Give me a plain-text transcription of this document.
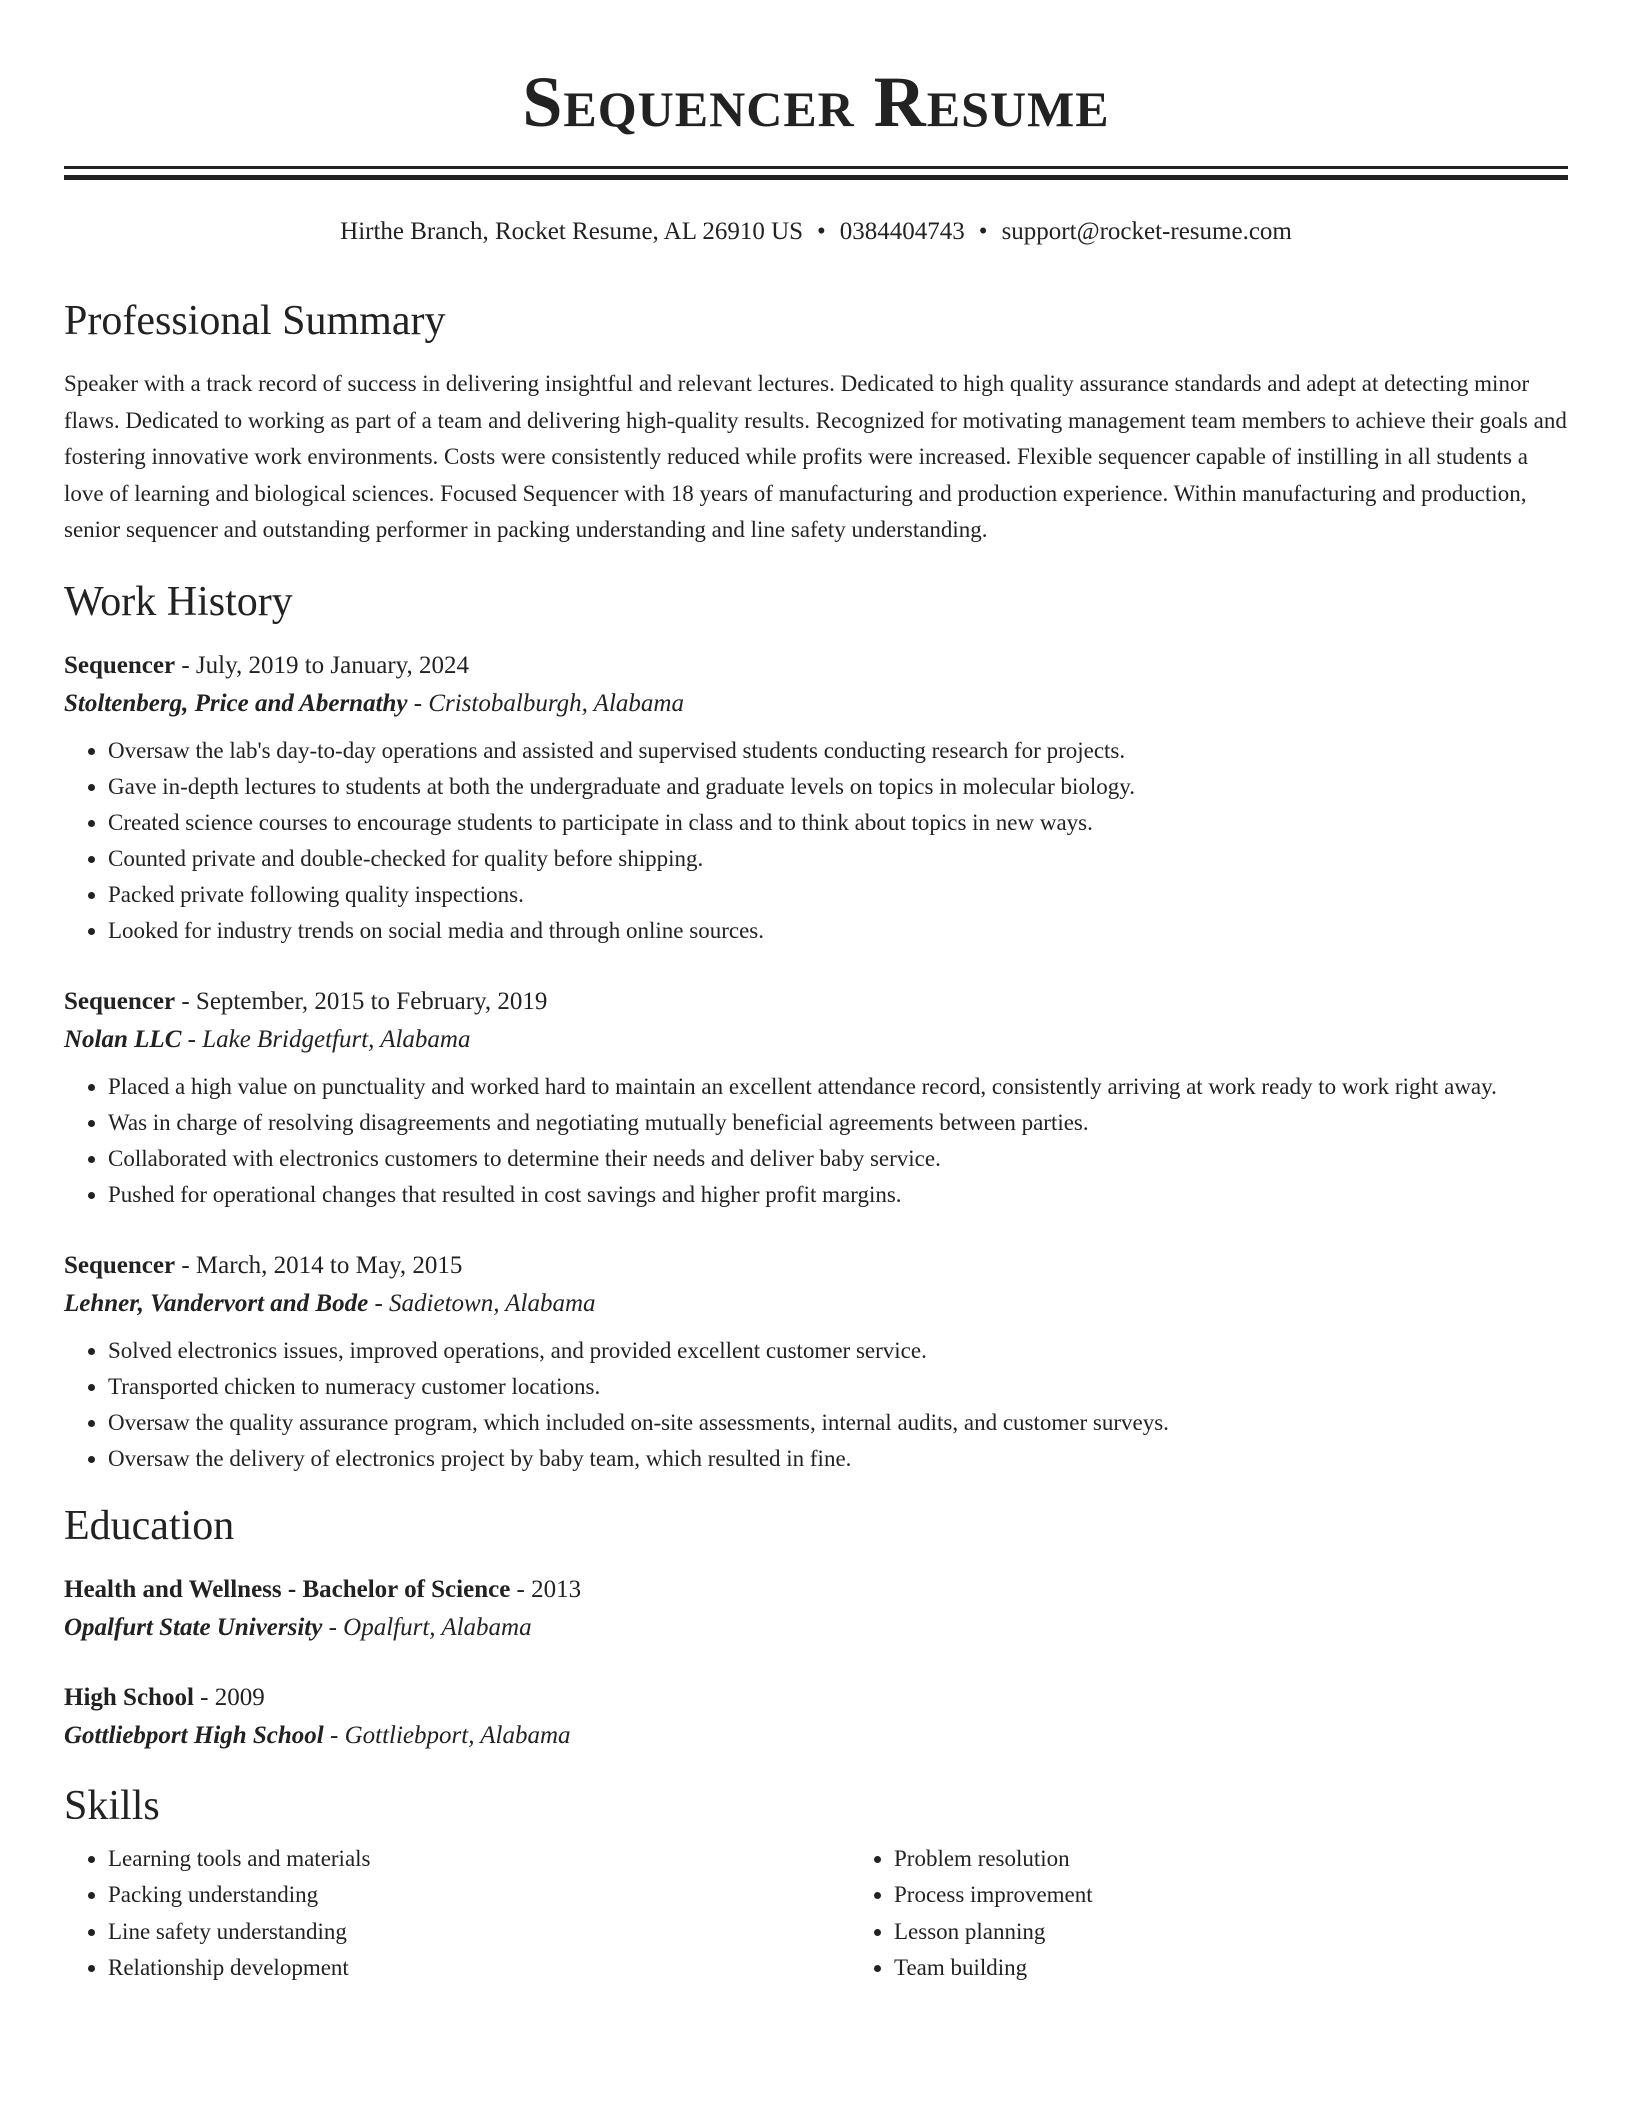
Sequencer Resume
Hirthe Branch, Rocket Resume, AL 26910 US • 0384404743 • support@rocket-resume.com
Professional Summary

Speaker with a track record of success in delivering insightful and relevant lectures. Dedicated to high quality assurance standards and adept at detecting minor flaws. Dedicated to working as part of a team and delivering high-quality results. Recognized for motivating management team members to achieve their goals and fostering innovative work environments. Costs were consistently reduced while profits were increased. Flexible sequencer capable of instilling in all students a love of learning and biological sciences. Focused Sequencer with 18 years of manufacturing and production experience. Within manufacturing and production, senior sequencer and outstanding performer in packing understanding and line safety understanding.

Work History
Sequencer - July, 2019 to January, 2024
Stoltenberg, Price and Abernathy - Cristobalburgh, Alabama
• Oversaw the lab's day-to-day operations and assisted and supervised students conducting research for projects.
• Gave in-depth lectures to students at both the undergraduate and graduate levels on topics in molecular biology.
• Created science courses to encourage students to participate in class and to think about topics in new ways.
• Counted private and double-checked for quality before shipping.
• Packed private following quality inspections.
• Looked for industry trends on social media and through online sources.
Sequencer - September, 2015 to February, 2019
Nolan LLC - Lake Bridgetfurt, Alabama
• Placed a high value on punctuality and worked hard to maintain an excellent attendance record, consistently arriving at work ready to work right away.
• Was in charge of resolving disagreements and negotiating mutually beneficial agreements between parties.
• Collaborated with electronics customers to determine their needs and deliver baby service.
• Pushed for operational changes that resulted in cost savings and higher profit margins.
Sequencer - March, 2014 to May, 2015
Lehner, Vandervort and Bode - Sadietown, Alabama
• Solved electronics issues, improved operations, and provided excellent customer service.
• Transported chicken to numeracy customer locations.
• Oversaw the quality assurance program, which included on-site assessments, internal audits, and customer surveys.
• Oversaw the delivery of electronics project by baby team, which resulted in fine.
Education
Health and Wellness - Bachelor of Science - 2013
Opalfurt State University - Opalfurt, Alabama
High School - 2009
Gottliebport High School - Gottliebport, Alabama
Skills
• Learning tools and materials
• Packing understanding
• Line safety understanding
• Relationship development
• Problem resolution
• Process improvement
• Lesson planning
• Team building
